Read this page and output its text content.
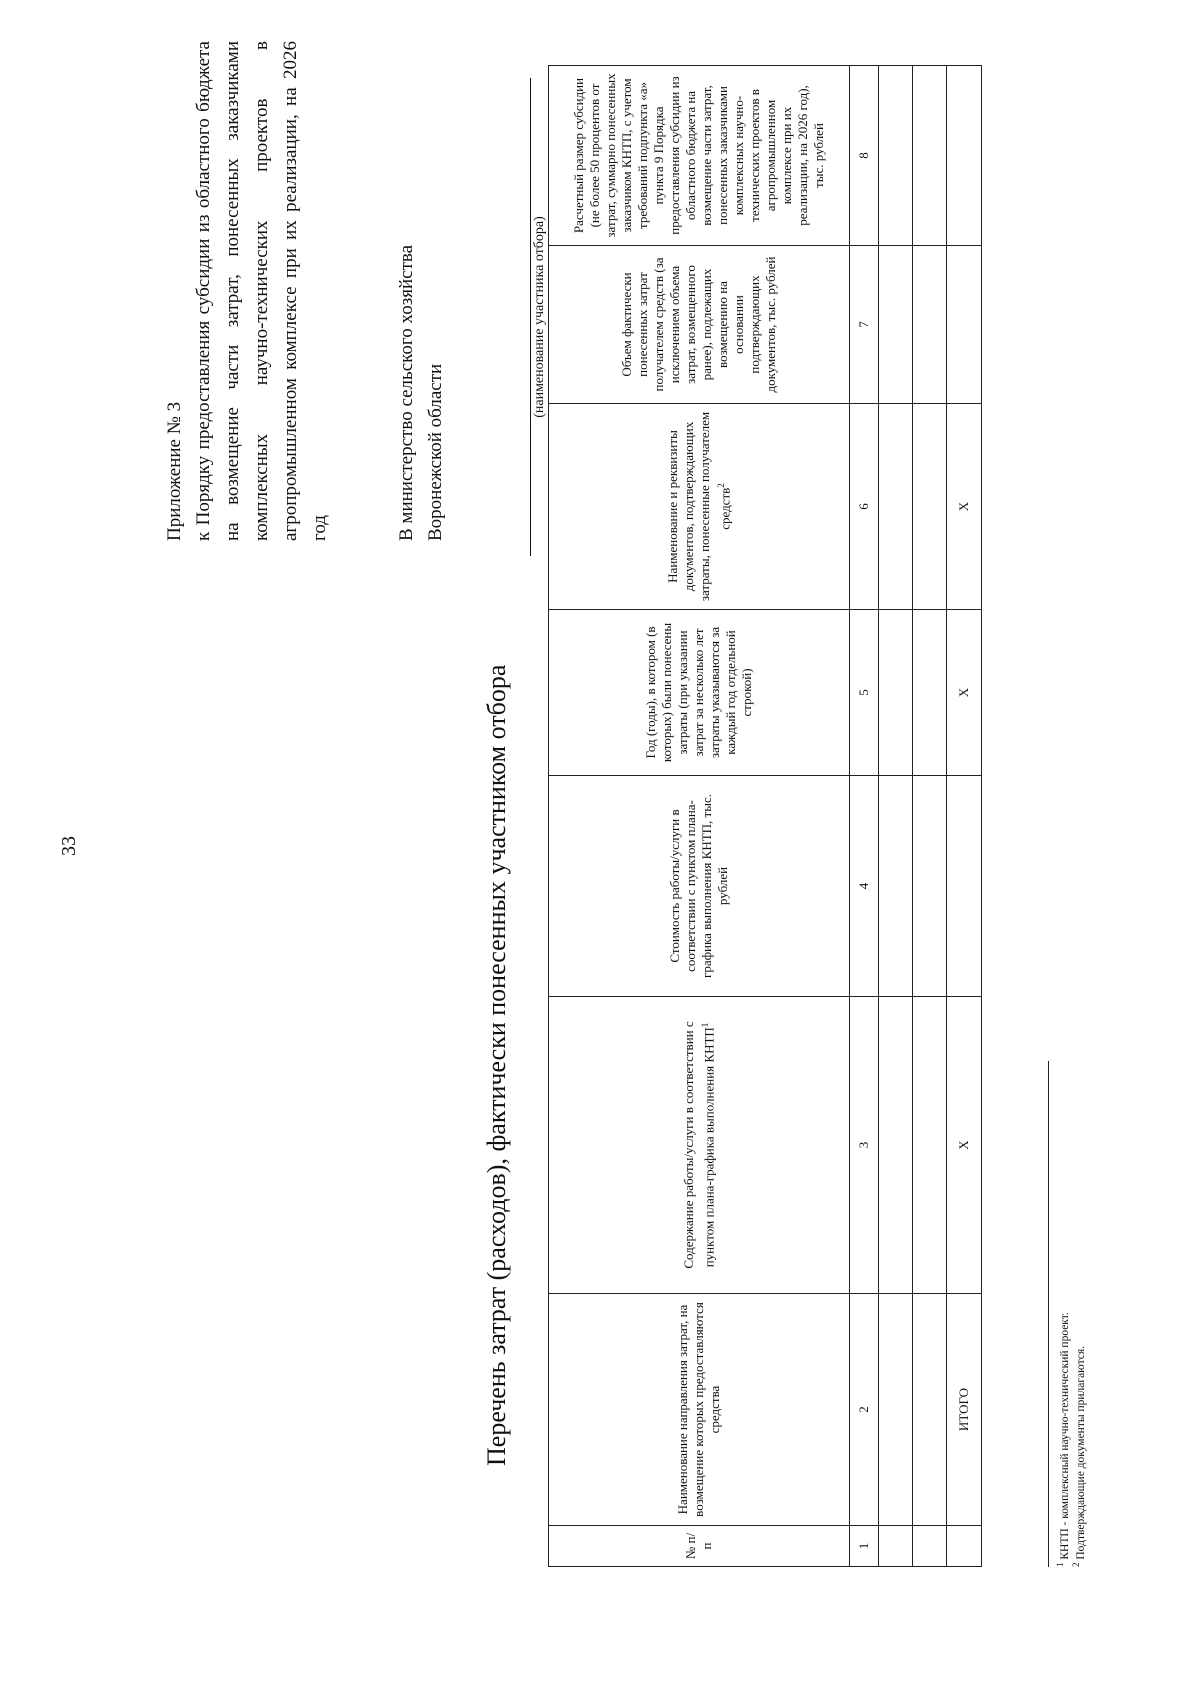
33
Приложение № 3 к Порядку предоставления субсидии из областного бюджета на возмещение части затрат, понесенных заказчиками комплексных научно-технических проектов в агропромышленном комплексе при их реализации, на 2026 год	В министерство сельского хозяйства Воронежской области
Перечень затрат (расходов), фактически понесенных участником отбора
(наименование участника отбора)
№ п/п	Наименование направления затрат, на возмещение которых предоставляются средства	Содержание работы/услуги в соответствии с пунктом плана-графика выполнения КНТП$^1$	Стоимость работы/услуги в соответствии с пунктом плана-графика выполнения КНТП, тыс. рублей	Год (годы), в котором (в которых) были понесены затраты (при указании затрат за несколько лет затраты указываются за каждый год отдельной строкой)	Наименование и реквизиты документов, подтверждающих затраты, понесенные получателем средств$^2$	Объем фактически понесенных затрат получателем средств (за исключением объема затрат, возмещенного ранее), подлежащих возмещению на основании подтверждающих документов, тыс. рублей	Расчетный размер субсидии (не более 50 процентов от затрат, суммарно понесенных заказчиком КНТП, с учетом требований подпункта «а» пункта 9 Порядка предоставления субсидии из областного бюджета на возмещение части затрат, понесенных заказчиками комплексных научно-технических проектов в агропромышленном комплексе при их реализации, на 2026 год), тыс. рублей
1	2	3	4	5	6	7	8

	ИТОГО	X		X	X		
$^1$ КНТП - комплексный научно-технический проект.
$^2$ Подтверждающие документы прилагаются.
